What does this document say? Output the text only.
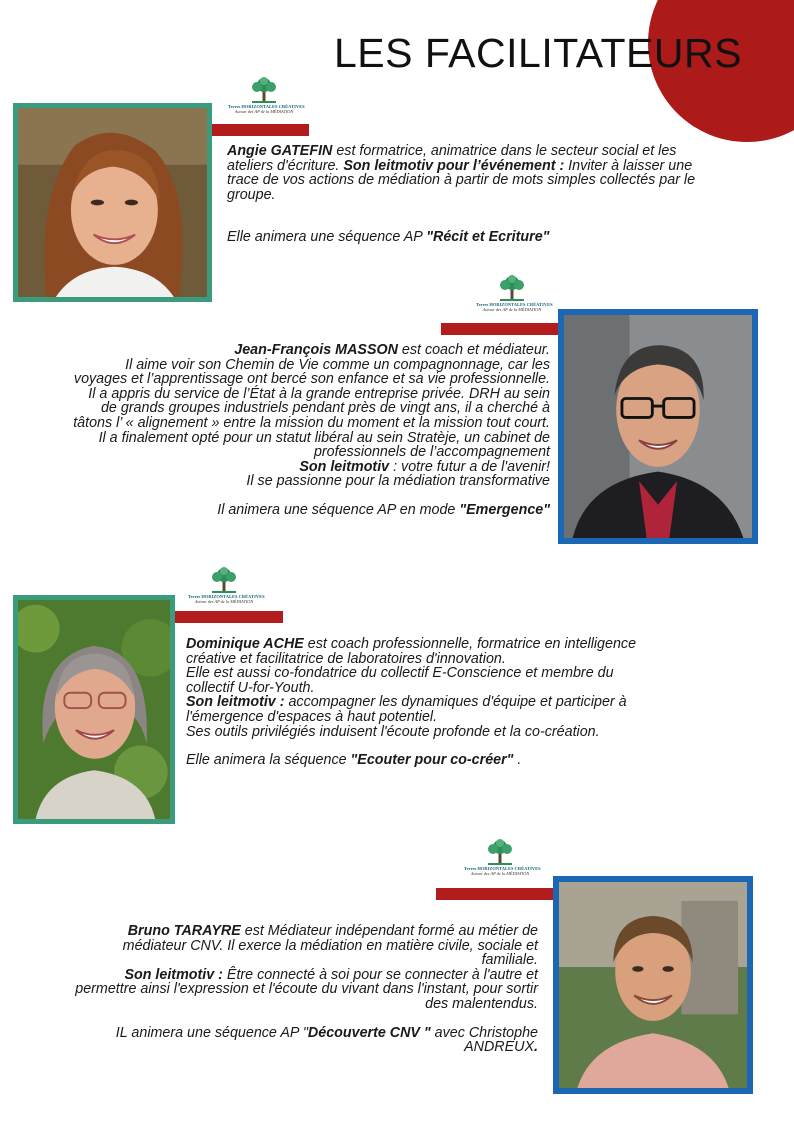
LES FACILITATEURS
Terres HORIZONTALES CRÉATIVES
Autour des AP de la MÉDIATION

Angie GATEFIN est formatrice, animatrice dans le secteur social et les ateliers d'écriture. Son leitmotiv pour l’événement : Inviter à laisser une trace de vos actions de médiation à partir de mots simples collectés par le groupe.

Elle animera une séquence AP "Récit et Ecriture"

Terres HORIZONTALES CRÉATIVES
Autour des AP de la MÉDIATION

Jean-François MASSON est coach et médiateur.

Il aime voir son Chemin de Vie comme un compagnonnage, car les voyages et l’apprentissage ont bercé son enfance et sa vie professionnelle. Il a appris du service de l’État à la grande entreprise privée. DRH au sein de grands groupes industriels pendant près de vingt ans, il a cherché à tâtons l’ « alignement » entre la mission du moment et la mission tout court. Il a finalement opté pour un statut libéral au sein Stratèje, un cabinet de professionnels de l’accompagnement

Son leitmotiv : votre futur a de l'avenir!

Il se passionne pour la médiation transformative

Il animera une séquence AP en mode "Emergence"

Terres HORIZONTALES CRÉATIVES
Autour des AP de la MÉDIATION

Dominique ACHE est coach professionnelle, formatrice en intelligence créative et facilitatrice de laboratoires d'innovation.

Elle est aussi co-fondatrice du collectif E-Conscience et membre du collectif U-for-Youth.

Son leitmotiv : accompagner les dynamiques d'équipe et participer à l'émergence d'espaces à haut potentiel.

Ses outils privilégiés induisent l'écoute profonde et la co-création.

Elle animera la séquence "Ecouter pour co-créer" .

Terres HORIZONTALES CRÉATIVES
Autour des AP de la MÉDIATION

Bruno TARAYRE est Médiateur indépendant formé au métier de médiateur CNV. Il exerce la médiation en matière civile, sociale et familiale.

Son leitmotiv : Être connecté à soi pour se connecter à l'autre et permettre ainsi l'expression et l'écoute du vivant dans l'instant, pour sortir des malentendus.

IL animera une séquence AP "Découverte CNV " avec Christophe ANDREUX.
